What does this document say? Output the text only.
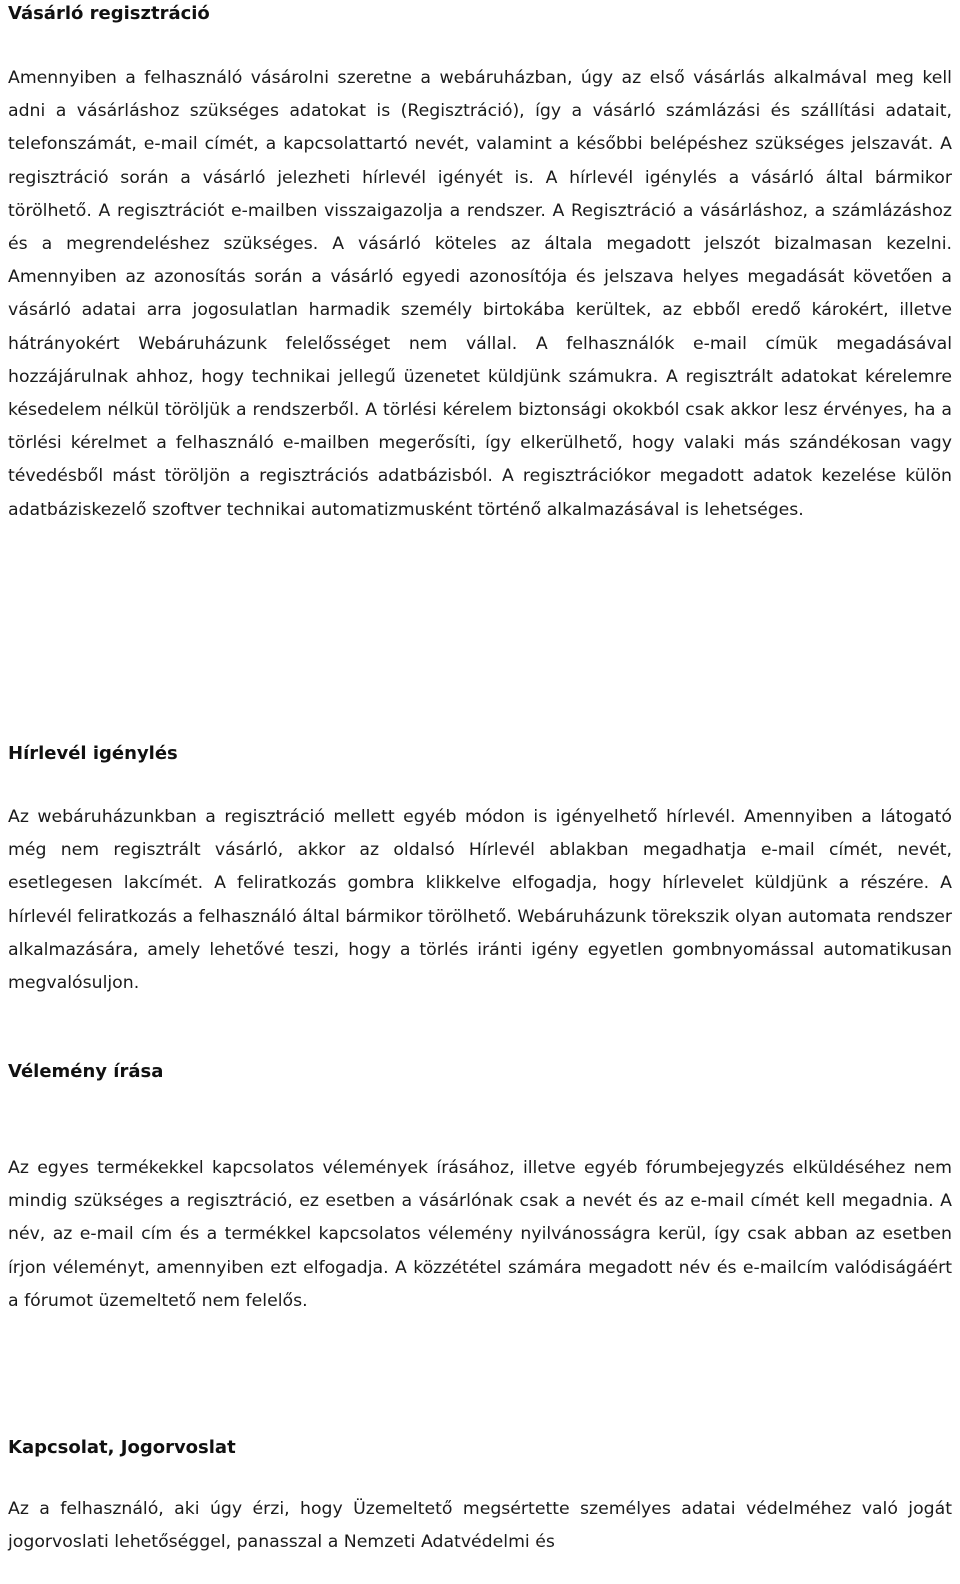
Vásárló regisztráció

Amennyiben a felhasználó vásárolni szeretne a webáruházban, úgy az első vásárlás alkalmával meg kell adni a vásárláshoz szükséges adatokat is (Regisztráció), így a vásárló számlázási és szállítási adatait, telefonszámát, e-mail címét, a kapcsolattartó nevét, valamint a későbbi belépéshez szükséges jelszavát. A regisztráció során a vásárló jelezheti hírlevél igényét is. A hírlevél igénylés a vásárló által bármikor törölhető. A regisztrációt e-mailben visszaigazolja a rendszer. A Regisztráció a vásárláshoz, a számlázáshoz és a megrendeléshez szükséges. A vásárló köteles az általa megadott jelszót bizalmasan kezelni. Amennyiben az azonosítás során a vásárló egyedi azonosítója és jelszava helyes megadását követően a vásárló adatai arra jogosulatlan harmadik személy birtokába kerültek, az ebből eredő károkért, illetve hátrányokért Webáruházunk felelősséget nem vállal. A felhasználók e-mail címük megadásával hozzájárulnak ahhoz, hogy technikai jellegű üzenetet küldjünk számukra. A regisztrált adatokat kérelemre késedelem nélkül töröljük a rendszerből. A törlési kérelem biztonsági okokból csak akkor lesz érvényes, ha a törlési kérelmet a felhasználó e-mailben megerősíti, így elkerülhető, hogy valaki más szándékosan vagy tévedésből mást töröljön a regisztrációs adatbázisból. A regisztrációkor megadott adatok kezelése külön adatbáziskezelő szoftver technikai automatizmusként történő alkalmazásával is lehetséges.

Hírlevél igénylés

Az webáruházunkban a regisztráció mellett egyéb módon is igényelhető hírlevél. Amennyiben a látogató még nem regisztrált vásárló, akkor az oldalsó Hírlevél ablakban megadhatja e-mail címét, nevét, esetlegesen lakcímét. A feliratkozás gombra klikkelve elfogadja, hogy hírlevelet küldjünk a részére. A hírlevél feliratkozás a felhasználó által bármikor törölhető. Webáruházunk törekszik olyan automata rendszer alkalmazására, amely lehetővé teszi, hogy a törlés iránti igény egyetlen gombnyomással automatikusan megvalósuljon.

Vélemény írása

Az egyes termékekkel kapcsolatos vélemények írásához, illetve egyéb fórumbejegyzés elküldéséhez nem mindig szükséges a regisztráció, ez esetben a vásárlónak csak a nevét és az e-mail címét kell megadnia. A név, az e-mail cím és a termékkel kapcsolatos vélemény nyilvánosságra kerül, így csak abban az esetben írjon véleményt, amennyiben ezt elfogadja. A közzététel számára megadott név és e-mailcím valódiságáért a fórumot üzemeltető nem felelős.

Kapcsolat, Jogorvoslat

Az a felhasználó, aki úgy érzi, hogy Üzemeltető megsértette személyes adatai védelméhez való jogát jogorvoslati lehetőséggel, panasszal a Nemzeti Adatvédelmi és
